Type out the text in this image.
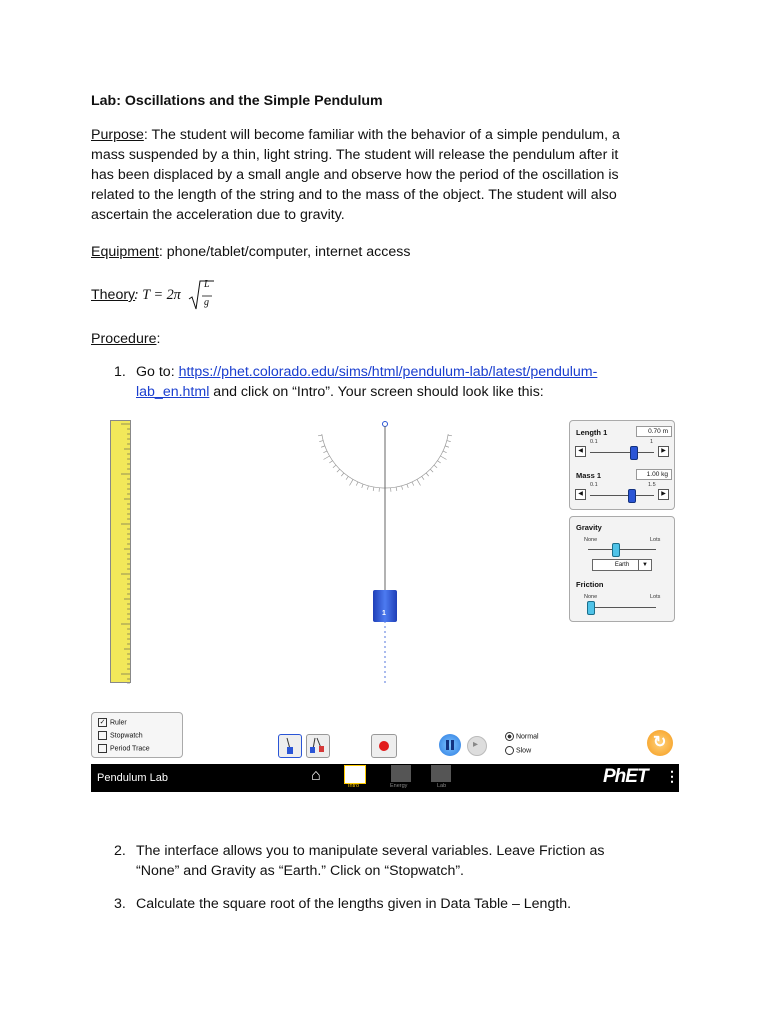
Lab: Oscillations and the Simple Pendulum

Purpose: The student will become familiar with the behavior of a simple pendulum, a
mass suspended by a thin, light string. The student will release the pendulum after it
has been displaced by a small angle and observe how the period of the oscillation is
related to the length of the string and to the mass of the object. The student will also
ascertain the acceleration due to gravity.

Equipment: phone/tablet/computer, internet access

Theory
: T = 2π
L
g

Procedure:

1. Go to: https://phet.colorado.edu/sims/html/pendulum-lab/latest/pendulum-
lab_en.html and click on “Intro”. Your screen should look like this:
1
Length 1	0.70 m
0.1	1
◀	▶
Mass 1	1.00 kg
0.1	1.5
◀	▶
Gravity
None	Lots
Earth	▼
Friction
None	Lots
✓ Ruler
Stopwatch
Period Trace	▸
Normal
Slow	↻
Pendulum Lab	⌂
Intro	Energy	Lab	PhET ⋮
2. The interface allows you to manipulate several variables. Leave Friction as
“None” and Gravity as “Earth.” Click on “Stopwatch”.
3. Calculate the square root of the lengths given in Data Table – Length.
